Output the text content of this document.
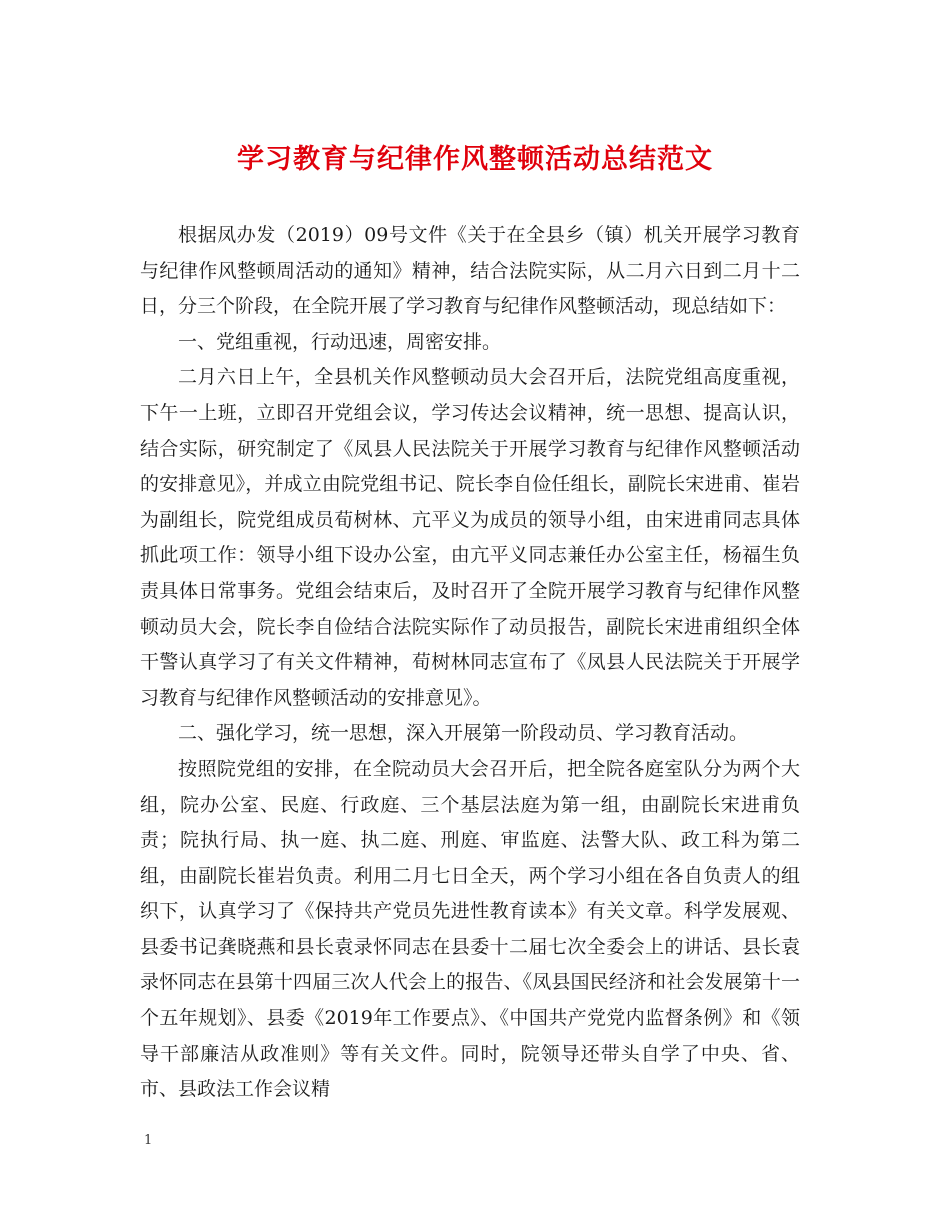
学习教育与纪律作风整顿活动总结范文

根据凤办发（2019）09号文件《关于在全县乡（镇）机关开展学习教育与纪律作风整顿周活动的通知》精神，结合法院实际，从二月六日到二月十二日，分三个阶段，在全院开展了学习教育与纪律作风整顿活动，现总结如下：

一、党组重视，行动迅速，周密安排。

二月六日上午，全县机关作风整顿动员大会召开后，法院党组高度重视，下午一上班，立即召开党组会议，学习传达会议精神，统一思想、提高认识，结合实际，研究制定了《凤县人民法院关于开展学习教育与纪律作风整顿活动的安排意见》，并成立由院党组书记、院长李自俭任组长，副院长宋进甫、崔岩为副组长，院党组成员荀树林、亢平义为成员的领导小组，由宋进甫同志具体抓此项工作：领导小组下设办公室，由亢平义同志兼任办公室主任，杨福生负责具体日常事务。党组会结束后，及时召开了全院开展学习教育与纪律作风整顿动员大会，院长李自俭结合法院实际作了动员报告，副院长宋进甫组织全体干警认真学习了有关文件精神，荀树林同志宣布了《凤县人民法院关于开展学习教育与纪律作风整顿活动的安排意见》。

二、强化学习，统一思想，深入开展第一阶段动员、学习教育活动。

按照院党组的安排，在全院动员大会召开后，把全院各庭室队分为两个大组，院办公室、民庭、行政庭、三个基层法庭为第一组，由副院长宋进甫负责；院执行局、执一庭、执二庭、刑庭、审监庭、法警大队、政工科为第二组，由副院长崔岩负责。利用二月七日全天，两个学习小组在各自负责人的组织下，认真学习了《保持共产党员先进性教育读本》有关文章。科学发展观、县委书记龚晓燕和县长袁录怀同志在县委十二届七次全委会上的讲话、县长袁录怀同志在县第十四届三次人代会上的报告、《凤县国民经济和社会发展第十一个五年规划》、县委《2019年工作要点》、《中国共产党党内监督条例》和《领导干部廉洁从政准则》等有关文件。同时，院领导还带头自学了中央、省、市、县政法工作会议精

1
